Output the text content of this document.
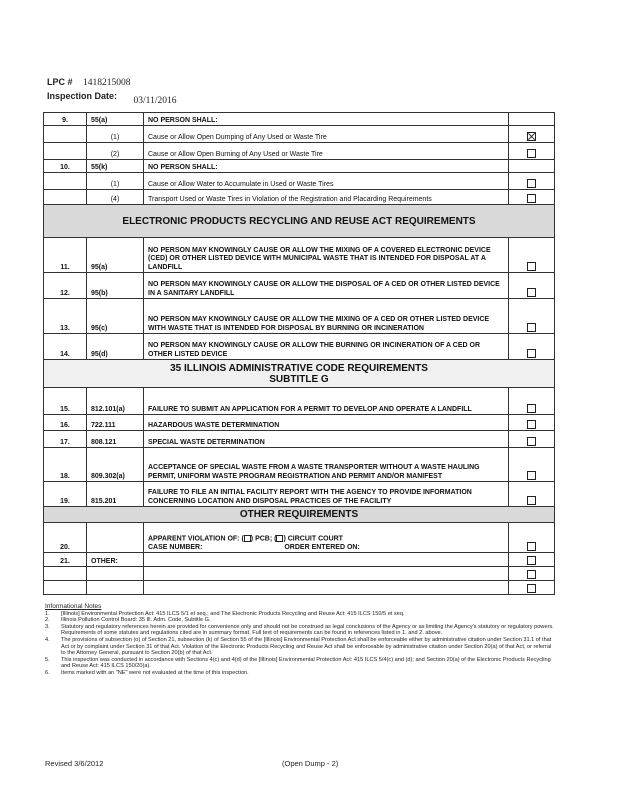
LPC # 1418215008
Inspection Date: 03/11/2016
9.	55(a)	NO PERSON SHALL:	
	(1)	Cause or Allow Open Dumping of Any Used or Waste Tire	
	(2)	Cause or Allow Open Burning of Any Used or Waste Tire	
10.	55(k)	NO PERSON SHALL:	
	(1)	Cause or Allow Water to Accumulate in Used or Waste Tires	
	(4)	Transport Used or Waste Tires in Violation of the Registration and Placarding Requirements	
ELECTRONIC PRODUCTS RECYCLING AND REUSE ACT REQUIREMENTS			
11.	95(a)	NO PERSON MAY KNOWINGLY CAUSE OR ALLOW THE MIXING OF A COVERED ELECTRONIC DEVICE (CED) OR OTHER LISTED DEVICE WITH MUNICIPAL WASTE THAT IS INTENDED FOR DISPOSAL AT A LANDFILL	
12.	95(b)	NO PERSON MAY KNOWINGLY CAUSE OR ALLOW THE DISPOSAL OF A CED OR OTHER LISTED DEVICE IN A SANITARY LANDFILL	
13.	95(c)	NO PERSON MAY KNOWINGLY CAUSE OR ALLOW THE MIXING OF A CED OR OTHER LISTED DEVICE WITH WASTE THAT IS INTENDED FOR DISPOSAL BY BURNING OR INCINERATION	
14.	95(d)	NO PERSON MAY KNOWINGLY CAUSE OR ALLOW THE BURNING OR INCINERATION OF A CED OR OTHER LISTED DEVICE	

35 ILLINOIS ADMINISTRATIVE CODE REQUIREMENTS
SUBTITLE G			

15.	812.101(a)	FAILURE TO SUBMIT AN APPLICATION FOR A PERMIT TO DEVELOP AND OPERATE A LANDFILL	
16.	722.111	HAZARDOUS WASTE DETERMINATION	
17.	808.121	SPECIAL WASTE DETERMINATION	
18.	809.302(a)	ACCEPTANCE OF SPECIAL WASTE FROM A WASTE TRANSPORTER WITHOUT A WASTE HAULING PERMIT, UNIFORM WASTE PROGRAM REGISTRATION AND PERMIT AND/OR MANIFEST	
19.	815.201	FAILURE TO FILE AN INITIAL FACILITY REPORT WITH THE AGENCY TO PROVIDE INFORMATION CONCERNING LOCATION AND DISPOSAL PRACTICES OF THE FACILITY	
OTHER REQUIREMENTS			
20.		APPARENT VIOLATION OF: ( ) PCB; ( ) CIRCUIT COURT
CASE NUMBER: ORDER ENTERED ON:	

21.	OTHER:		

Informational Notes
1.	[Illinois] Environmental Protection Act: 415 ILCS 5/1 et seq.; and The Electronic Products Recycling and Reuse Act: 415 ILCS 150/5 et seq.
2.	Illinois Pollution Control Board: 35 Ill. Adm. Code, Subtitle G.
3.	Statutory and regulatory references herein are provided for convenience only and should not be construed as legal conclusions of the Agency or as limiting the Agency's statutory or regulatory powers. Requirements of some statutes and regulations cited are in summary format. Full text of requirements can be found in references listed in 1. and 2. above.
4.	The provisions of subsection (o) of Section 21, subsection (k) of Section 55 of the [Illinois] Environmental Protection Act shall be enforceable either by administrative citation under Section 31.1 of that Act or by complaint under Section 31 of that Act. Violation of the Electronic Products Recycling and Reuse Act shall be enforceable by administrative citation under Section 20(a) of that Act, or referral to the Attorney General, pursuant to Section 20(b) of that Act.
5.	This inspection was conducted in accordance with Sections 4(c) and 4(d) of the [Illinois] Environmental Protection Act: 415 ILCS 5/4(c) and (d); and Section 20(a) of the Electronic Products Recycling and Reuse Act: 415 ILCS 150/20(a).
6.	Items marked with an "NE" were not evaluated at the time of this inspection.
Revised 3/6/2012	(Open Dump - 2)
